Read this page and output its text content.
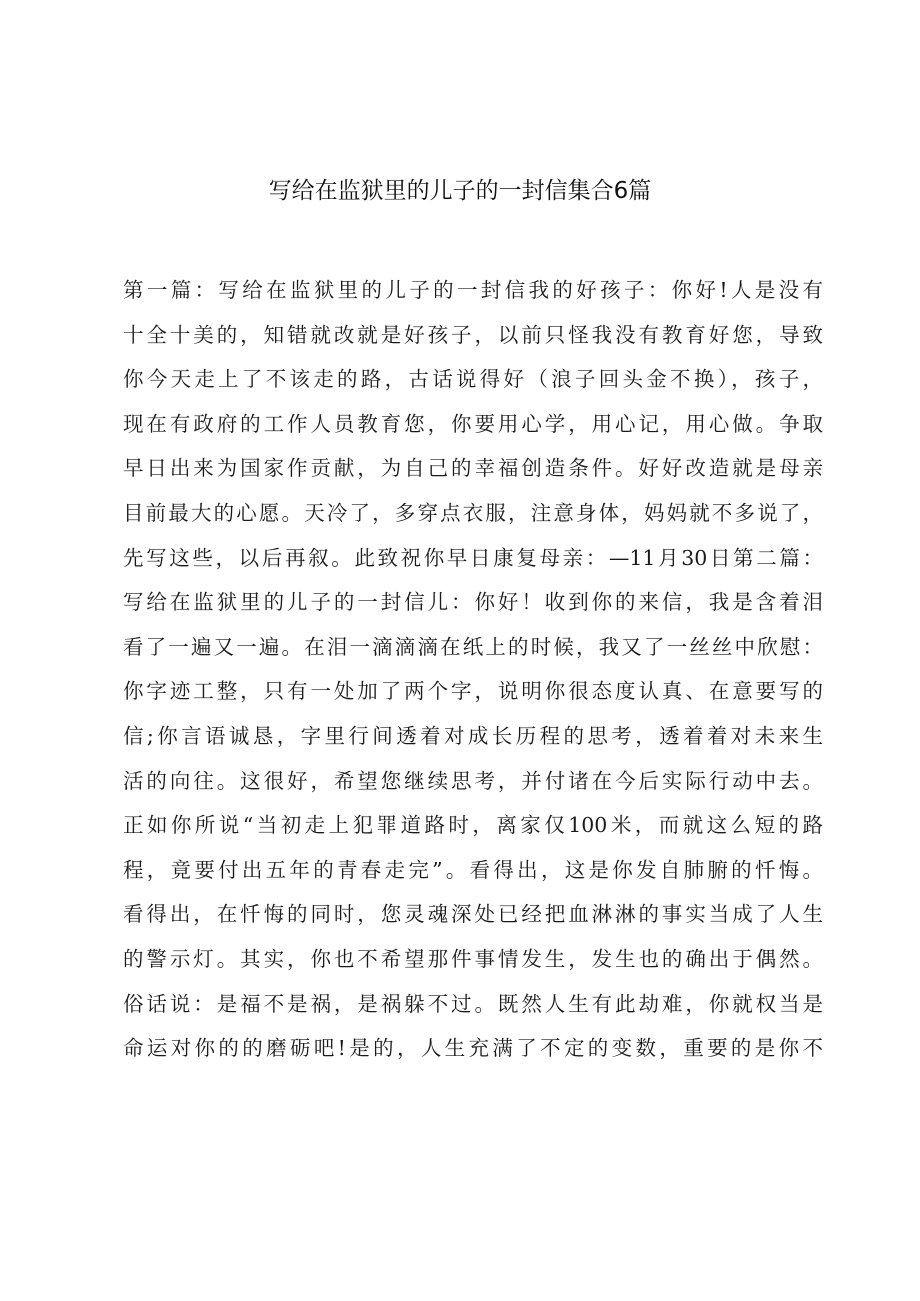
写给在监狱里的儿子的一封信集合6篇
第一篇：写给在监狱里的儿子的一封信我的好孩子：你好!人是没有
十全十美的，知错就改就是好孩子，以前只怪我没有教育好您，导致
你今天走上了不该走的路，古话说得好（浪子回头金不换），孩子，
现在有政府的工作人员教育您，你要用心学，用心记，用心做。争取
早日出来为国家作贡献，为自己的幸福创造条件。好好改造就是母亲
目前最大的心愿。天冷了，多穿点衣服，注意身体，妈妈就不多说了，
先写这些，以后再叙。此致祝你早日康复母亲：—11月30日第二篇：
写给在监狱里的儿子的一封信儿：你好！收到你的来信，我是含着泪
看了一遍又一遍。在泪一滴滴滴在纸上的时候，我又了一丝丝中欣慰：
你字迹工整，只有一处加了两个字，说明你很态度认真、在意要写的
信;你言语诚恳，字里行间透着对成长历程的思考，透着着对未来生
活的向往。这很好，希望您继续思考，并付诸在今后实际行动中去。
正如你所说“当初走上犯罪道路时，离家仅100米，而就这么短的路
程，竟要付出五年的青春走完”。看得出，这是你发自肺腑的忏悔。
看得出，在忏悔的同时，您灵魂深处已经把血淋淋的事实当成了人生
的警示灯。其实，你也不希望那件事情发生，发生也的确出于偶然。
俗话说：是福不是祸，是祸躲不过。既然人生有此劫难，你就权当是
命运对你的的磨砺吧!是的，人生充满了不定的变数，重要的是你不
